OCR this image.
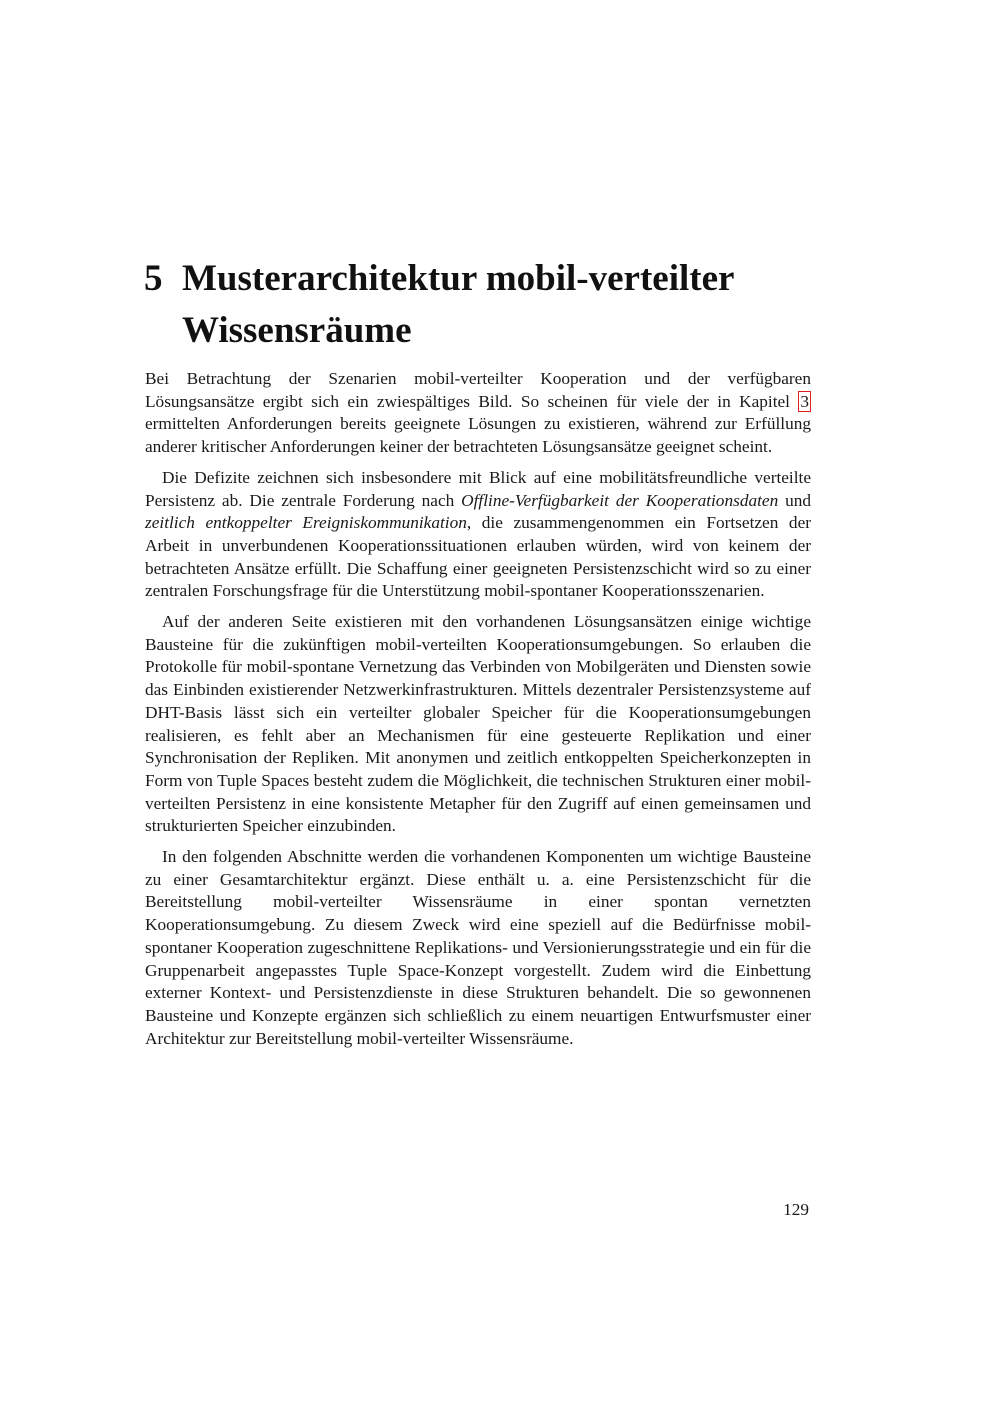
5 Musterarchitektur mobil-verteilter
Wissensräume

Bei Betrachtung der Szenarien mobil-verteilter Kooperation und der verfügbaren Lösungsansätze ergibt sich ein zwiespältiges Bild. So scheinen für viele der in Kapitel 3 ermittelten Anforderungen bereits geeignete Lösungen zu existieren, während zur Erfüllung anderer kritischer Anforderungen keiner der betrachteten Lösungsansätze geeignet scheint.

Die Defizite zeichnen sich insbesondere mit Blick auf eine mobilitätsfreundliche verteilte Persistenz ab. Die zentrale Forderung nach Offline-Verfügbarkeit der Kooperationsdaten und zeitlich entkoppelter Ereigniskommunikation, die zusammengenommen ein Fortsetzen der Arbeit in unverbundenen Kooperationssituationen erlauben würden, wird von keinem der betrachteten Ansätze erfüllt. Die Schaffung einer geeigneten Persistenzschicht wird so zu einer zentralen Forschungsfrage für die Unterstützung mobil-spontaner Kooperationsszenarien.

Auf der anderen Seite existieren mit den vorhandenen Lösungsansätzen einige wichtige Bausteine für die zukünftigen mobil-verteilten Kooperationsumgebungen. So erlauben die Protokolle für mobil-spontane Vernetzung das Verbinden von Mobilgeräten und Diensten sowie das Einbinden existierender Netzwerkinfrastrukturen. Mittels dezentraler Persistenzsysteme auf DHT-Basis lässt sich ein verteilter globaler Speicher für die Kooperationsumgebungen realisieren, es fehlt aber an Mechanismen für eine gesteuerte Replikation und einer Synchronisation der Repliken. Mit anonymen und zeitlich entkoppelten Speicherkonzepten in Form von Tuple Spaces besteht zudem die Möglichkeit, die technischen Strukturen einer mobil-verteilten Persistenz in eine konsistente Metapher für den Zugriff auf einen gemeinsamen und strukturierten Speicher einzubinden.

In den folgenden Abschnitte werden die vorhandenen Komponenten um wichtige Bausteine zu einer Gesamtarchitektur ergänzt. Diese enthält u. a. eine Persistenzschicht für die Bereitstellung mobil-verteilter Wissensräume in einer spontan vernetzten Kooperationsumgebung. Zu diesem Zweck wird eine speziell auf die Bedürfnisse mobil-spontaner Kooperation zugeschnittene Replikations- und Versionierungsstrategie und ein für die Gruppenarbeit angepasstes Tuple Space-Konzept vorgestellt. Zudem wird die Einbettung externer Kontext- und Persistenzdienste in diese Strukturen behandelt. Die so gewonnenen Bausteine und Konzepte ergänzen sich schließlich zu einem neuartigen Entwurfsmuster einer Architektur zur Bereitstellung mobil-verteilter Wissensräume.

129
